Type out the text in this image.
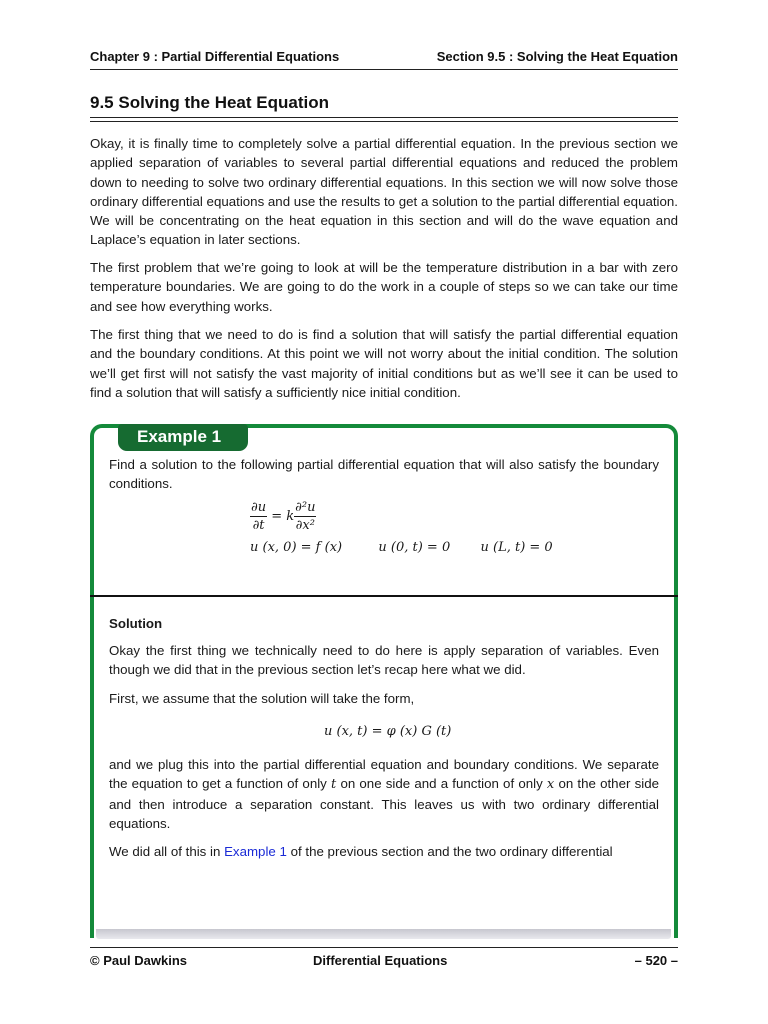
Chapter 9 : Partial Differential Equations	Section 9.5 : Solving the Heat Equation
9.5 Solving the Heat Equation

Okay, it is finally time to completely solve a partial differential equation. In the previous section we applied separation of variables to several partial differential equations and reduced the problem down to needing to solve two ordinary differential equations. In this section we will now solve those ordinary differential equations and use the results to get a solution to the partial differential equation. We will be concentrating on the heat equation in this section and will do the wave equation and Laplace’s equation in later sections.

The first problem that we’re going to look at will be the temperature distribution in a bar with zero temperature boundaries. We are going to do the work in a couple of steps so we can take our time and see how everything works.

The first thing that we need to do is find a solution that will satisfy the partial differential equation and the boundary conditions. At this point we will not worry about the initial condition. The solution we’ll get first will not satisfy the vast majority of initial conditions but as we’ll see it can be used to find a solution that will satisfy a sufficiently nice initial condition.

Example 1

Find a solution to the following partial differential equation that will also satisfy the boundary conditions.

$\frac{\partial u}{\partial t} = k \frac{\text{∂²u}}{\text{∂x²}}$
u (x, 0) = f (x)	u (0, t) = 0 u (L, t) = 0

Solution

Okay the first thing we technically need to do here is apply separation of variables. Even though we did that in the previous section let’s recap here what we did.

First, we assume that the solution will take the form,

u (x, t) = φ (x) G (t)

and we plug this into the partial differential equation and boundary conditions. We separate the equation to get a function of only t on one side and a function of only x on the other side and then introduce a separation constant. This leaves us with two ordinary differential equations.

We did all of this in Example 1 of the previous section and the two ordinary differential

© Paul Dawkins	Differential Equations	– 520 –
